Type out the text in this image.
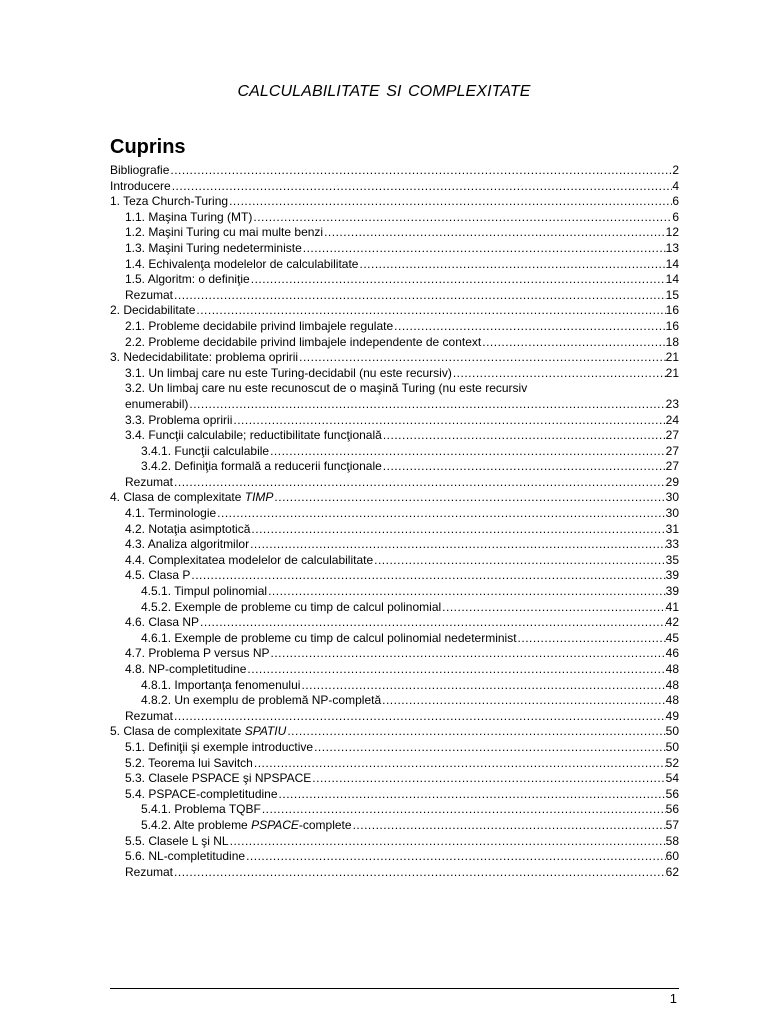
CALCULABILITATE SI COMPLEXITATE
Cuprins
Bibliografie .....	2
Introducere .....	4
1. Teza Church-Turing .....	6
1.1. Maşina Turing (MT) .....	6
1.2. Maşini Turing cu mai multe benzi .....	12
1.3. Maşini Turing nedeterministe .....	13
1.4. Echivalenţa modelelor de calculabilitate .....	14
1.5. Algoritm: o definiţie .....	14
Rezumat .....	15
2. Decidabilitate .....	16
2.1. Probleme decidabile privind limbajele regulate .....	16
2.2. Probleme decidabile privind limbajele independente de context .....	18
3. Nedecidabilitate: problema opririi .....	21
3.1. Un limbaj care nu este Turing-decidabil (nu este recursiv) .....	21
3.2. Un limbaj care nu este recunoscut de o maşină Turing (nu este recursiv
enumerabil) .....	23
3.3. Problema opririi .....	24
3.4. Funcţii calculabile; reductibilitate funcţională .....	27
3.4.1. Funcţii calculabile .....	27
3.4.2. Definiţia formală a reducerii funcţionale .....	27
Rezumat .....	29
4. Clasa de complexitate TIMP .....	30
4.1. Terminologie .....	30
4.2. Notaţia asimptotică .....	31
4.3. Analiza algoritmilor .....	33
4.4. Complexitatea modelelor de calculabilitate .....	35
4.5. Clasa P .....	39
4.5.1. Timpul polinomial .....	39
4.5.2. Exemple de probleme cu timp de calcul polinomial .....	41
4.6. Clasa NP .....	42
4.6.1. Exemple de probleme cu timp de calcul polinomial nedeterminist .....	45
4.7. Problema P versus NP .....	46
4.8. NP-completitudine .....	48
4.8.1. Importanţa fenomenului .....	48
4.8.2. Un exemplu de problemă NP-completă .....	48
Rezumat .....	49
5. Clasa de complexitate SPATIU .....	50
5.1. Definiţii şi exemple introductive .....	50
5.2. Teorema lui Savitch .....	52
5.3. Clasele PSPACE şi NPSPACE .....	54
5.4. PSPACE-completitudine .....	56
5.4.1. Problema TQBF .....	56
5.4.2. Alte probleme PSPACE-complete .....	57
5.5. Clasele L şi NL .....	58
5.6. NL-completitudine .....	60
Rezumat .....	62
1
